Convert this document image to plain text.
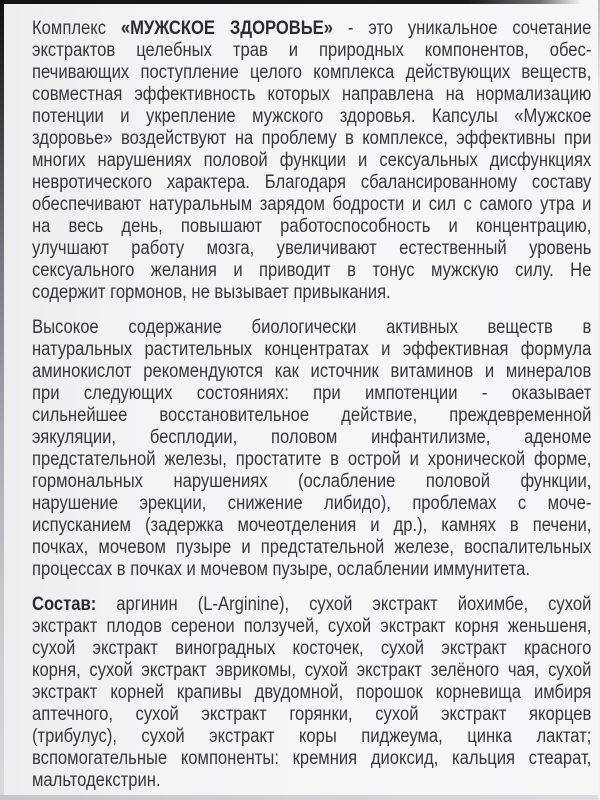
Комплекс «МУЖСКОЕ ЗДОРОВЬЕ» - это уникальное сочетание
экстрактов целебных трав и природных компонентов, обес-
печивающих поступление целого комплекса действующих веществ,
совместная эффективность которых направлена на нормализацию
потенции и укрепление мужского здоровья. Капсулы «Мужское
здоровье» воздействуют на проблему в комплексе, эффективны при
многих нарушениях половой функции и сексуальных дисфункциях
невротического характера. Благодаря сбалансированному составу
обеспечивают натуральным зарядом бодрости и сил с самого утра и
на весь день, повышают работоспособность и концентрацию,
улучшают работу мозга, увеличивают естественный уровень
сексуального желания и приводит в тонус мужскую силу. Не
содержит гормонов, не вызывает привыкания.
Высокое содержание биологически активных веществ в
натуральных растительных концентратах и эффективная формула
аминокислот рекомендуются как источник витаминов и минералов
при следующих состояниях: при импотенции - оказывает
сильнейшее восстановительное действие, преждевременной
эякуляции, бесплодии, половом инфантилизме, аденоме
предстательной железы, простатите в острой и хронической форме,
гормональных нарушениях (ослабление половой функции,
нарушение эрекции, снижение либидо), проблемах с моче-
испусканием (задержка мочеотделения и др.), камнях в печени,
почках, мочевом пузыре и предстательной железе, воспалительных
процессах в почках и мочевом пузыре, ослаблении иммунитета.
Состав: аргинин (L-Arginine), сухой экстракт йохимбе, сухой
экстракт плодов серенои ползучей, сухой экстракт корня женьшеня,
сухой экстракт виноградных косточек, сухой экстракт красного
корня, сухой экстракт эврикомы, сухой экстракт зелёного чая, сухой
экстракт корней крапивы двудомной, порошок корневища имбиря
аптечного, сухой экстракт горянки, сухой экстракт якорцев
(трибулус), сухой экстракт коры пиджеума, цинка лактат;
вспомогательные компоненты: кремния диоксид, кальция стеарат,
мальтодекстрин.
